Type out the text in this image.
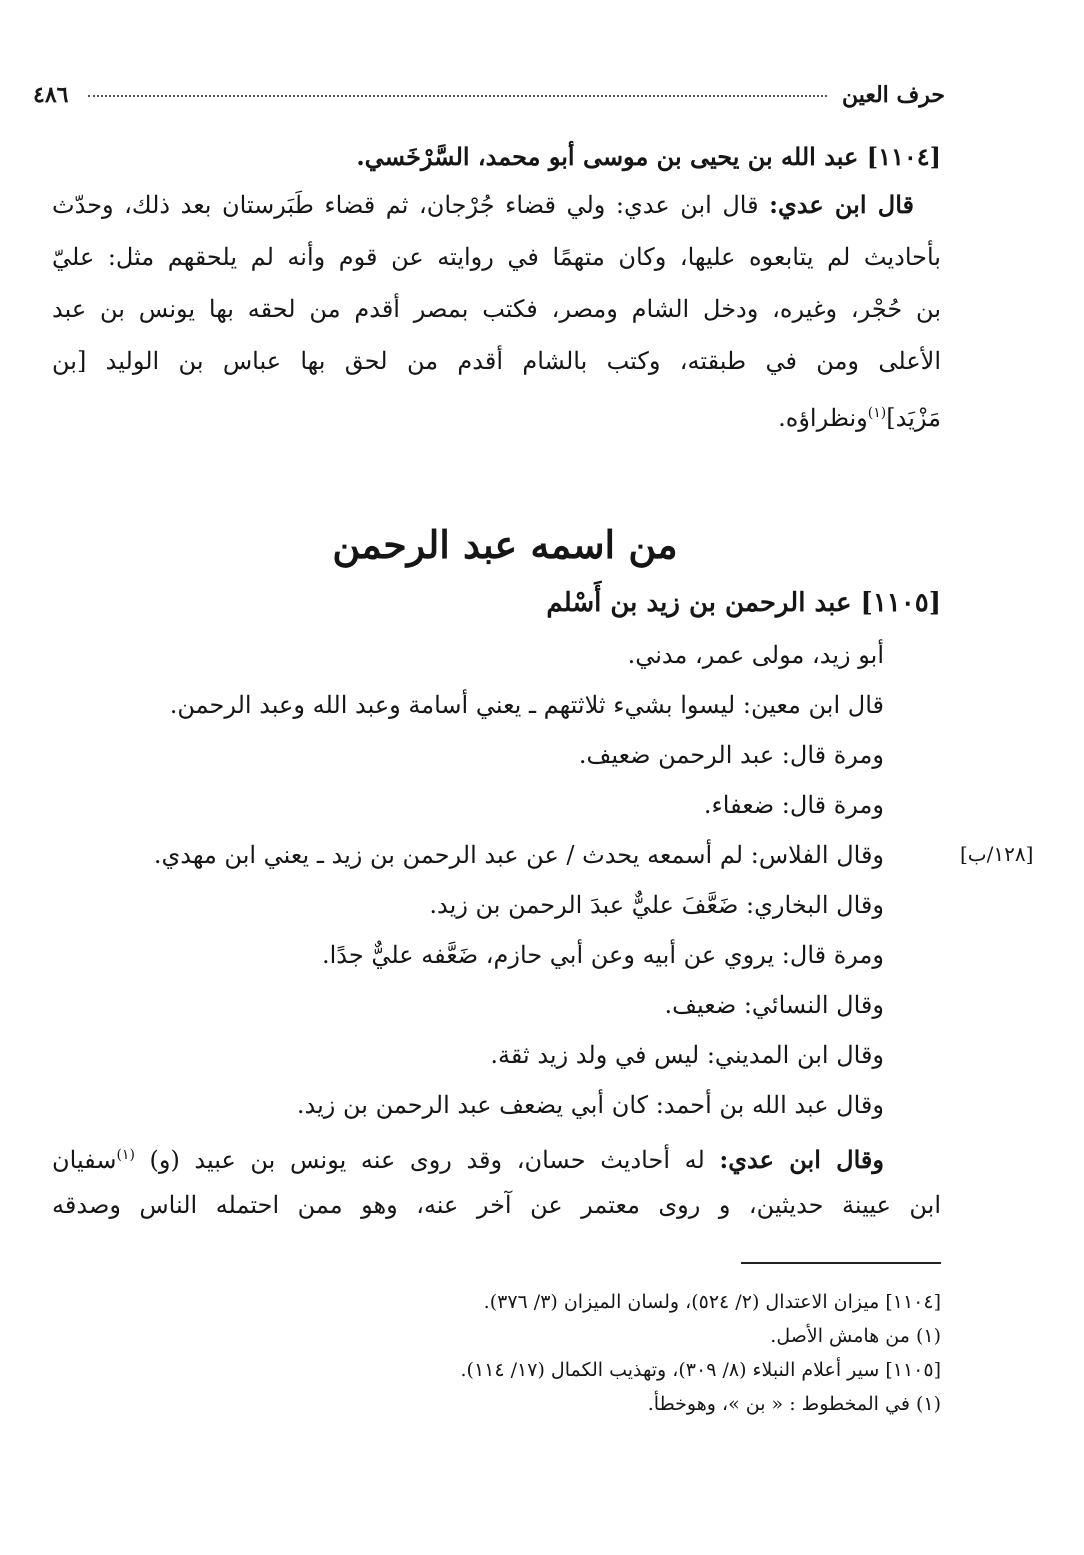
٤٨٦	حرف العين
[١١٠٤] عبد الله بن يحيى بن موسى أبو محمد، السَّرْخَسي.
قال ابن عدي: قال ابن عدي: ولي قضاء جُرْجان، ثم قضاء طَبَرستان بعد ذلك، وحدّث
بأحاديث لم يتابعوه عليها، وكان متهمًا في روايته عن قوم وأنه لم يلحقهم مثل: عليّ
بن حُجْر، وغيره، ودخل الشام ومصر، فكتب بمصر أقدم من لحقه بها يونس بن عبد
الأعلى ومن في طبقته، وكتب بالشام أقدم من لحق بها عباس بن الوليد [بن
مَزْيَد]$^{(١)}$ونظراؤه.
من اسمه عبد الرحمن
[١١٠٥] عبد الرحمن بن زيد بن أَسْلم
أبو زيد، مولى عمر، مدني.
قال ابن معين: ليسوا بشيء ثلاثتهم ـ يعني أسامة وعبد الله وعبد الرحمن.
ومرة قال: عبد الرحمن ضعيف.
ومرة قال: ضعفاء.
وقال الفلاس: لم أسمعه يحدث / عن عبد الرحمن بن زيد ـ يعني ابن مهدي.
وقال البخاري: ضَعَّفَ عليٌّ عبدَ الرحمن بن زيد.
ومرة قال: يروي عن أبيه وعن أبي حازم، ضَعَّفه عليٌّ جدًا.
وقال النسائي: ضعيف.
وقال ابن المديني: ليس في ولد زيد ثقة.
وقال عبد الله بن أحمد: كان أبي يضعف عبد الرحمن بن زيد.
وقال ابن عدي: له أحاديث حسان، وقد روى عنه يونس بن عبيد (و) $^{(١)}$سفيان
ابن عيينة حديثين، و روى معتمر عن آخر عنه، وهو ممن احتمله الناس وصدقه
[١٢٨/ب]
[١١٠٤] ميزان الاعتدال (٢/ ٥٢٤)، ولسان الميزان (٣/ ٣٧٦).
(١) من هامش الأصل.
[١١٠٥] سير أعلام النبلاء (٨/ ٣٠٩)، وتهذيب الكمال (١٧/ ١١٤).
(١) في المخطوط : « بن »، وهوخطأ.
